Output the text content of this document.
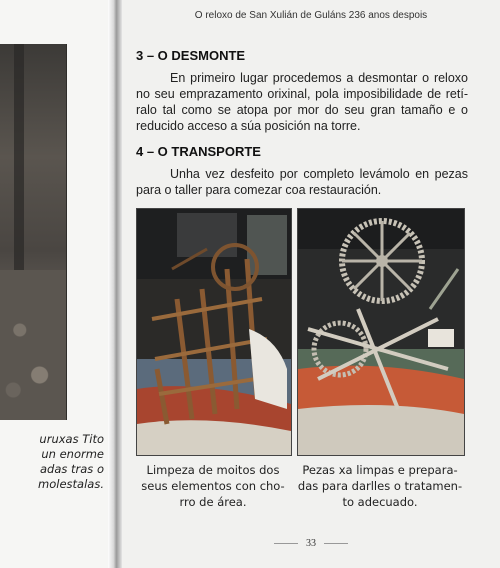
uruxas Tito
un enorme
adas tras o
molestalas.
O reloxo de San Xulián de Guláns 236 anos despois
3 – O DESMONTE
En primeiro lugar procedemos a desmontar o reloxo
no seu emprazamento orixinal, pola imposibilidade de retí-
ralo tal como se atopa por mor do seu gran tamaño e o
reducido acceso a súa posición na torre.
4 – O TRANSPORTE
Unha vez desfeito por completo levámolo en pezas
para o taller para comezar coa restauración.
Limpeza de moitos dos
seus elementos con cho-
rro de área.
Pezas xa limpas e prepara-
das para darlles o tratamen-
to adecuado.
33
